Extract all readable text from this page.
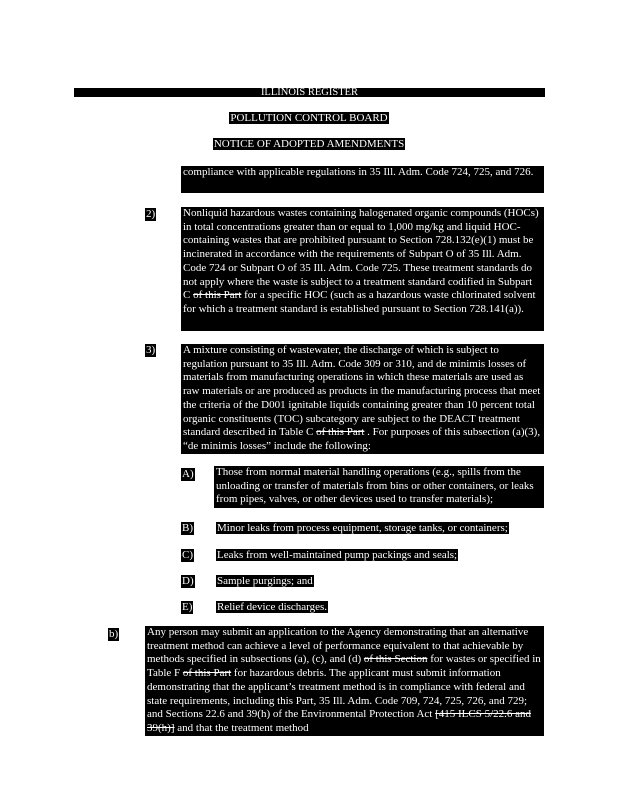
ILLINOIS REGISTER
POLLUTION CONTROL BOARD
NOTICE OF ADOPTED AMENDMENTS
compliance with applicable regulations in 35 Ill. Adm. Code 724, 725, and 726.
2)	Nonliquid hazardous wastes containing halogenated organic compounds (HOCs) in total concentrations greater than or equal to 1,000 mg/kg and liquid HOC-containing wastes that are prohibited pursuant to Section 728.132(e)(1) must be incinerated in accordance with the requirements of Subpart O of 35 Ill. Adm. Code 724 or Subpart O of 35 Ill. Adm. Code 725. These treatment standards do not apply where the waste is subject to a treatment standard codified in Subpart C of this Part for a specific HOC (such as a hazardous waste chlorinated solvent for which a treatment standard is established pursuant to Section 728.141(a)).
3)	A mixture consisting of wastewater, the discharge of which is subject to regulation pursuant to 35 Ill. Adm. Code 309 or 310, and de minimis losses of materials from manufacturing operations in which these materials are used as raw materials or are produced as products in the manufacturing process that meet the criteria of the D001 ignitable liquids containing greater than 10 percent total organic constituents (TOC) subcategory are subject to the DEACT treatment standard described in Table C of this Part . For purposes of this subsection (a)(3), “de minimis losses” include the following:
A) Those from normal material handling operations (e.g., spills from the unloading or transfer of materials from bins or other containers, or leaks from pipes, valves, or other devices used to transfer materials);
B) Minor leaks from process equipment, storage tanks, or containers;
C) Leaks from well-maintained pump packings and seals;
D) Sample purgings; and
E) Relief device discharges.
b)	Any person may submit an application to the Agency demonstrating that an alternative treatment method can achieve a level of performance equivalent to that achievable by methods specified in subsections (a), (c), and (d) of this Section for wastes or specified in Table F of this Part for hazardous debris. The applicant must submit information demonstrating that the applicant’s treatment method is in compliance with federal and state requirements, including this Part, 35 Ill. Adm. Code 709, 724, 725, 726, and 729; and Sections 22.6 and 39(h) of the Environmental Protection Act [415 ILCS 5/22.6 and 39(h)] and that the treatment method
